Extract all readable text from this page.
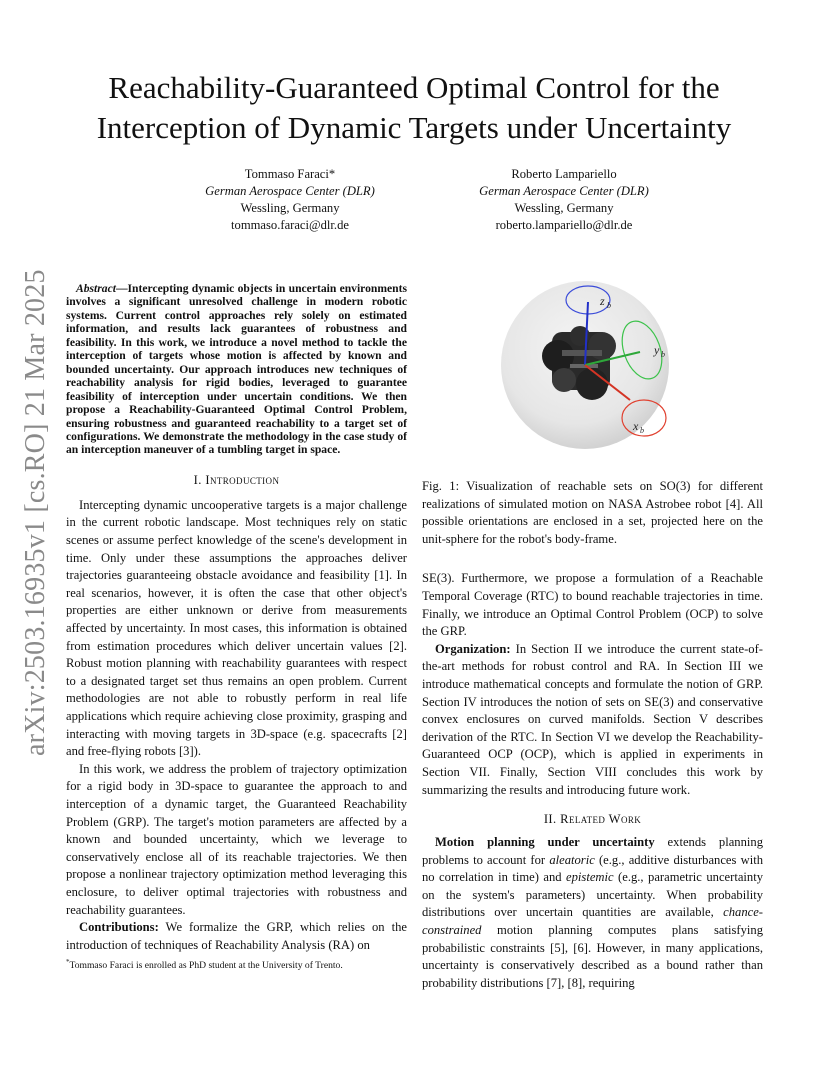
arXiv:2503.16935v1 [cs.RO] 21 Mar 2025
Reachability-Guaranteed Optimal Control for the
Interception of Dynamic Targets under Uncertainty
Tommaso Faraci*
German Aerospace Center (DLR)
Wessling, Germany
tommaso.faraci@dlr.de
Roberto Lampariello
German Aerospace Center (DLR)
Wessling, Germany
roberto.lampariello@dlr.de

Abstract—Intercepting dynamic objects in uncertain environments involves a significant unresolved challenge in modern robotic systems. Current control approaches rely solely on estimated information, and results lack guarantees of robustness and feasibility. In this work, we introduce a novel method to tackle the interception of targets whose motion is affected by known and bounded uncertainty. Our approach introduces new techniques of reachability analysis for rigid bodies, leveraged to guarantee feasibility of interception under uncertain conditions. We then propose a Reachability-Guaranteed Optimal Control Problem, ensuring robustness and guaranteed reachability to a target set of configurations. We demonstrate the methodology in the case study of an interception maneuver of a tumbling target in space.

I. Introduction

Intercepting dynamic uncooperative targets is a major challenge in the current robotic landscape. Most techniques rely on static scenes or assume perfect knowledge of the scene's development in time. Only under these assumptions the approaches deliver trajectories guaranteeing obstacle avoidance and feasibility [1]. In real scenarios, however, it is often the case that other object's properties are either unknown or derive from measurements affected by uncertainty. In most cases, this information is obtained from estimation procedures which deliver uncertain values [2]. Robust motion planning with reachability guarantees with respect to a designated target set thus remains an open problem. Current methodologies are not able to robustly perform in real life applications which require achieving close proximity, grasping and interacting with moving targets in 3D-space (e.g. spacecrafts [2] and free-flying robots [3]).

In this work, we address the problem of trajectory optimization for a rigid body in 3D-space to guarantee the approach to and interception of a dynamic target, the Guaranteed Reachability Problem (GRP). The target's motion parameters are affected by a known and bounded uncertainty, which we leverage to conservatively enclose all of its reachable trajectories. We then propose a nonlinear trajectory optimization method leveraging this enclosure, to deliver optimal trajectories with robustness and reachability guarantees.

Contributions: We formalize the GRP, which relies on the introduction of techniques of Reachability Analysis (RA) on

z b
y b
x b

Fig. 1: Visualization of reachable sets on SO(3) for different realizations of simulated motion on NASA Astrobee robot [4]. All possible orientations are enclosed in a set, projected here on the unit-sphere for the robot's body-frame.

SE(3). Furthermore, we propose a formulation of a Reachable Temporal Coverage (RTC) to bound reachable trajectories in time. Finally, we introduce an Optimal Control Problem (OCP) to solve the GRP.

Organization: In Section II we introduce the current state-of-the-art methods for robust control and RA. In Section III we introduce mathematical concepts and formulate the notion of GRP. Section IV introduces the notion of sets on SE(3) and conservative convex enclosures on curved manifolds. Section V describes derivation of the RTC. In Section VI we develop the Reachability-Guaranteed OCP (OCP), which is applied in experiments in Section VII. Finally, Section VIII concludes this work by summarizing the results and introducing future work.

II. Related Work

Motion planning under uncertainty extends planning problems to account for aleatoric (e.g., additive disturbances with no correlation in time) and epistemic (e.g., parametric uncertainty on the system's parameters) uncertainty. When probability distributions over uncertain quantities are available, chance-constrained motion planning computes plans satisfying probabilistic constraints [5], [6]. However, in many applications, uncertainty is conservatively described as a bound rather than probability distributions [7], [8], requiring

*Tommaso Faraci is enrolled as PhD student at the University of Trento.
